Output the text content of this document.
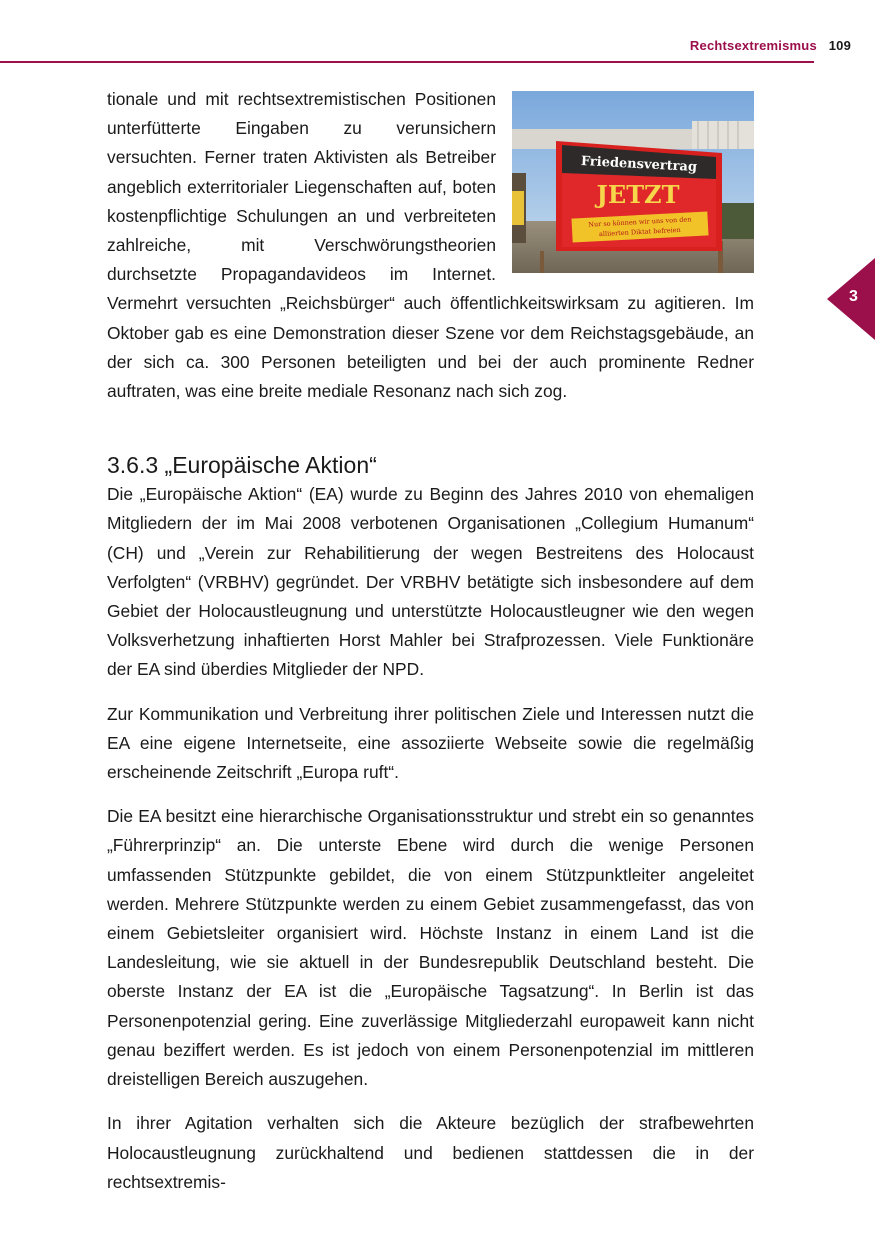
Rechtsextremismus 109
3
Friedensvertrag
JETZT
Nur so können wir uns von den
alliierten Diktat befreien

tionale und mit rechtsextremistischen Positionen unterfütterte Eingaben zu verunsichern versuchten. Ferner traten Aktivisten als Betreiber angeblich exterritorialer Liegenschaften auf, boten kostenpflichtige Schulungen an und verbreiteten zahlreiche, mit Verschwörungstheorien durchsetzte Propagandavideos im Internet. Vermehrt versuchten „Reichsbürger“ auch öffentlichkeitswirksam zu agitieren. Im Oktober gab es eine Demonstration dieser Szene vor dem Reichstagsgebäude, an der sich ca. 300 Personen beteiligten und bei der auch prominente Redner auftraten, was eine breite mediale Resonanz nach sich zog.

3.6.3 „Europäische Aktion“

Die „Europäische Aktion“ (EA) wurde zu Beginn des Jahres 2010 von ehemaligen Mitgliedern der im Mai 2008 verbotenen Organisationen „Collegium Humanum“ (CH) und „Verein zur Rehabilitierung der wegen Bestreitens des Holocaust Verfolgten“ (VRBHV) gegründet. Der VRBHV betätigte sich insbesondere auf dem Gebiet der Holocaustleugnung und unterstützte Holocaustleugner wie den wegen Volksverhetzung inhaftierten Horst Mahler bei Strafprozessen. Viele Funktionäre der EA sind überdies Mitglieder der NPD.

Zur Kommunikation und Verbreitung ihrer politischen Ziele und Interessen nutzt die EA eine eigene Internetseite, eine assoziierte Webseite sowie die regelmäßig erscheinende Zeitschrift „Europa ruft“.

Die EA besitzt eine hierarchische Organisationsstruktur und strebt ein so genanntes „Führerprinzip“ an. Die unterste Ebene wird durch die wenige Personen umfassenden Stützpunkte gebildet, die von einem Stützpunktleiter angeleitet werden. Mehrere Stützpunkte werden zu einem Gebiet zusammengefasst, das von einem Gebietsleiter organisiert wird. Höchste Instanz in einem Land ist die Landesleitung, wie sie aktuell in der Bundesrepublik Deutschland besteht. Die oberste Instanz der EA ist die „Europäische Tagsatzung“. In Berlin ist das Personenpotenzial gering. Eine zuverlässige Mitgliederzahl europaweit kann nicht genau beziffert werden. Es ist jedoch von einem Personenpotenzial im mittleren dreistelligen Bereich auszugehen.

In ihrer Agitation verhalten sich die Akteure bezüglich der strafbewehrten Holocaustleugnung zurückhaltend und bedienen stattdessen die in der rechtsextremis-
